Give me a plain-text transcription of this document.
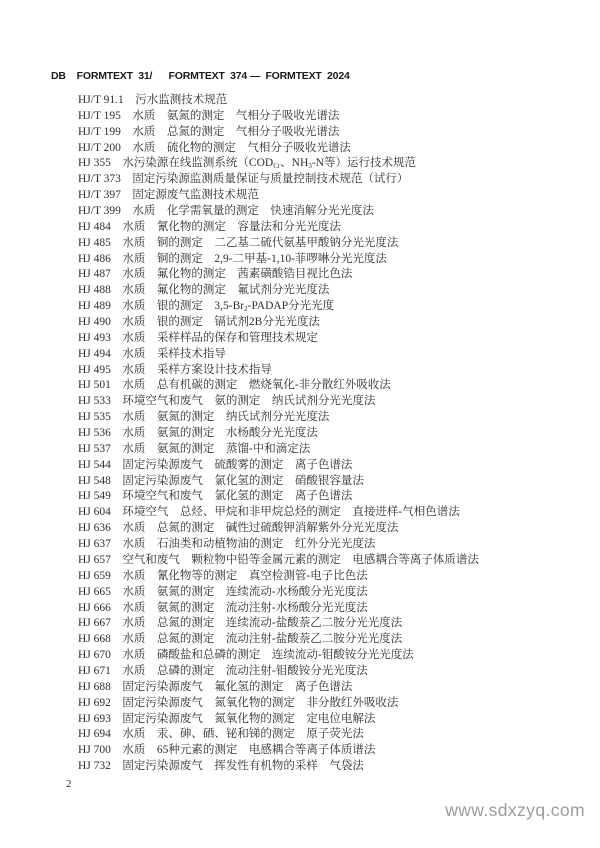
DB    FORMTEXT  31/      FORMTEXT  374 —  FORMTEXT  2024
HJ/T 91.1　污水监测技术规范
HJ/T 195　水质　氨氮的测定　气相分子吸收光谱法
HJ/T 199　水质　总氮的测定　气相分子吸收光谱法
HJ/T 200　水质　硫化物的测定　气相分子吸收光谱法
HJ 355　水污染源在线监测系统（$COD_{Cr}$、$NH_3-N$等）运行技术规范
HJ/T 373　固定污染源监测质量保证与质量控制技术规范（试行）
HJ/T 397　固定源废气监测技术规范
HJ/T 399　水质　化学需氧量的测定　快速消解分光光度法
HJ 484　水质　氰化物的测定　容量法和分光光度法
HJ 485　水质　铜的测定　二乙基二硫代氨基甲酸钠分光光度法
HJ 486　水质　铜的测定　2,9-二甲基-1,10-菲啰啉分光光度法
HJ 487　水质　氟化物的测定　茜素磺酸锆目视比色法
HJ 488　水质　氟化物的测定　氟试剂分光光度法
HJ 489　水质　银的测定　$3,5-Br_2$-PADAP分光光度
HJ 490　水质　银的测定　镉试剂2B分光光度法
HJ 493　水质　采样样品的保存和管理技术规定
HJ 494　水质　采样技术指导
HJ 495　水质　采样方案设计技术指导
HJ 501　水质　总有机碳的测定　燃烧氧化-非分散红外吸收法
HJ 533　环境空气和废气　氨的测定　纳氏试剂分光光度法
HJ 535　水质　氨氮的测定　纳氏试剂分光光度法
HJ 536　水质　氨氮的测定　水杨酸分光光度法
HJ 537　水质　氨氮的测定　蒸馏-中和滴定法
HJ 544　固定污染源废气　硫酸雾的测定　离子色谱法
HJ 548　固定污染源废气　氯化氢的测定　硝酸银容量法
HJ 549　环境空气和废气　氯化氢的测定　离子色谱法
HJ 604　环境空气　总烃、甲烷和非甲烷总烃的测定　直接进样-气相色谱法
HJ 636　水质　总氮的测定　碱性过硫酸钾消解紫外分光光度法
HJ 637　水质　石油类和动植物油的测定　红外分光光度法
HJ 657　空气和废气　颗粒物中铅等金属元素的测定　电感耦合等离子体质谱法
HJ 659　水质　氰化物等的测定　真空检测管-电子比色法
HJ 665　水质　氨氮的测定　连续流动-水杨酸分光光度法
HJ 666　水质　氨氮的测定　流动注射-水杨酸分光光度法
HJ 667　水质　总氮的测定　连续流动-盐酸萘乙二胺分光光度法
HJ 668　水质　总氮的测定　流动注射-盐酸萘乙二胺分光光度法
HJ 670　水质　磷酸盐和总磷的测定　连续流动-钼酸铵分光光度法
HJ 671　水质　总磷的测定　流动注射-钼酸铵分光光度法
HJ 688　固定污染源废气　氟化氢的测定　离子色谱法
HJ 692　固定污染源废气　氮氧化物的测定　非分散红外吸收法
HJ 693　固定污染源废气　氮氧化物的测定　定电位电解法
HJ 694　水质　汞、砷、硒、铋和锑的测定　原子荧光法
HJ 700　水质　65种元素的测定　电感耦合等离子体质谱法
HJ 732　固定污染源废气　挥发性有机物的采样　气袋法
2
www.sdxzyq.com
